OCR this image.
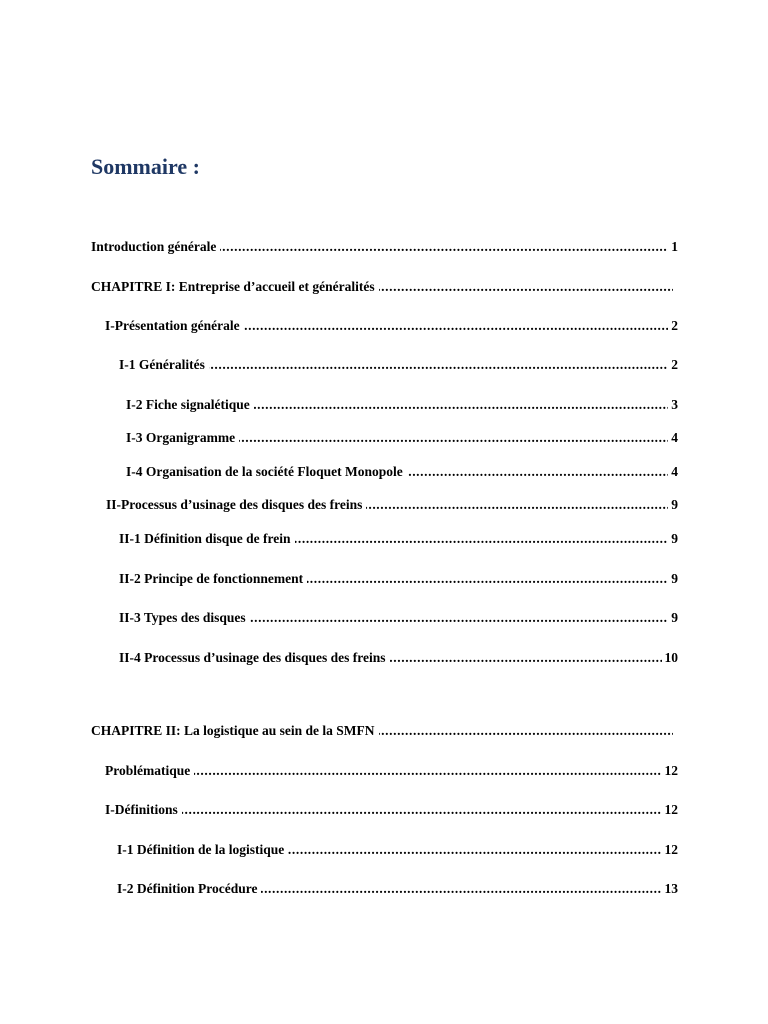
Sommaire :
Introduction générale	1
.....
CHAPITRE I: Entreprise d’accueil et généralités
.....
I-Présentation générale	2
.....
I-1 Généralités	2
.....
I-2 Fiche signalétique	3
.....
I-3 Organigramme	4
.....
I-4 Organisation de la société Floquet Monopole	4
.....
II-Processus d’usinage des disques des freins	9
.....
II-1 Définition disque de frein	9
.....
II-2 Principe de fonctionnement	9
.....
II-3 Types des disques	9
.....
II-4 Processus d’usinage des disques des freins	10
.....
CHAPITRE II: La logistique au sein de la SMFN
.....
Problématique	12
.....
I-Définitions	12
.....
I-1 Définition de la logistique	12
.....
I-2 Définition Procédure	13
.....
